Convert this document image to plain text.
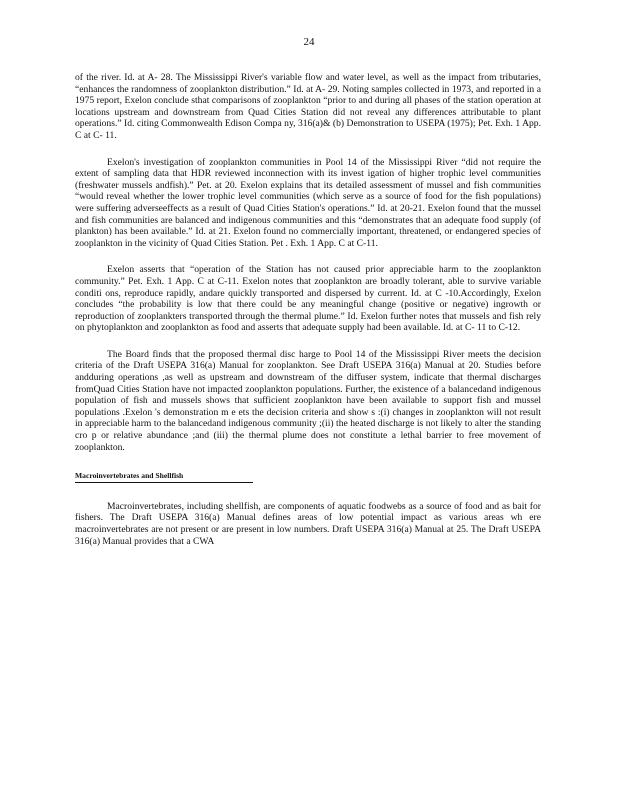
24

of the river. Id. at A- 28. The Mississippi River's variable flow and water level, as well as the impact from tributaries, “enhances the randomness of zooplankton distribution.” Id. at A- 29. Noting samples collected in 1973, and reported in a 1975 report, Exelon conclude sthat comparisons of zooplankton “prior to and during all phases of the station operation at locations upstream and downstream from Quad Cities Station did not reveal any differences attributable to plant operations.” Id. citing Commonwealth Edison Compa ny, 316(a)& (b) Demonstration to USEPA (1975); Pet. Exh. 1 App. C at C- 11.

Exelon's investigation of zooplankton communities in Pool 14 of the Mississippi River “did not require the extent of sampling data that HDR reviewed inconnection with its invest igation of higher trophic level communities (freshwater mussels andfish).” Pet. at 20. Exelon explains that its detailed assessment of mussel and fish communities “would reveal whether the lower trophic level communities (which serve as a source of food for the fish populations) were suffering adverseeffects as a result of Quad Cities Station's operations.” Id. at 20-21. Exelon found that the mussel and fish communities are balanced and indigenous communities and this “demonstrates that an adequate food supply (of plankton) has been available.” Id. at 21. Exelon found no commercially important, threatened, or endangered species of zooplankton in the vicinity of Quad Cities Station. Pet . Exh. 1 App. C at C-11.

Exelon asserts that “operation of the Station has not caused prior appreciable harm to the zooplankton community.” Pet. Exh. 1 App. C at C-11. Exelon notes that zooplankton are broadly tolerant, able to survive variable conditi ons, reproduce rapidly, andare quickly transported and dispersed by current. Id. at C -10.Accordingly, Exelon concludes “the probability is low that there could be any meaningful change (positive or negative) ingrowth or reproduction of zooplankters transported through the thermal plume.” Id. Exelon further notes that mussels and fish rely on phytoplankton and zooplankton as food and asserts that adequate supply had been available. Id. at C- 11 to C-12.

The Board finds that the proposed thermal disc harge to Pool 14 of the Mississippi River meets the decision criteria of the Draft USEPA 316(a) Manual for zooplankton. See Draft USEPA 316(a) Manual at 20. Studies before andduring operations ,as well as upstream and downstream of the diffuser system, indicate that thermal discharges fromQuad Cities Station have not impacted zooplankton populations. Further, the existence of a balancedand indigenous population of fish and mussels shows that sufficient zooplankton have been available to support fish and mussel populations .Exelon 's demonstration m e ets the decision criteria and show s :(i) changes in zooplankton will not result in appreciable harm to the balancedand indigenous community ;(ii) the heated discharge is not likely to alter the standing cro p or relative abundance ;and (iii) the thermal plume does not constitute a lethal barrier to free movement of zooplankton.

Macroinvertebrates and Shellfish

Macroinvertebrates, including shellfish, are components of aquatic foodwebs as a source of food and as bait for fishers. The Draft USEPA 316(a) Manual defines areas of low potential impact as various areas wh ere macroinvertebrates are not present or are present in low numbers. Draft USEPA 316(a) Manual at 25. The Draft USEPA 316(a) Manual provides that a CWA
